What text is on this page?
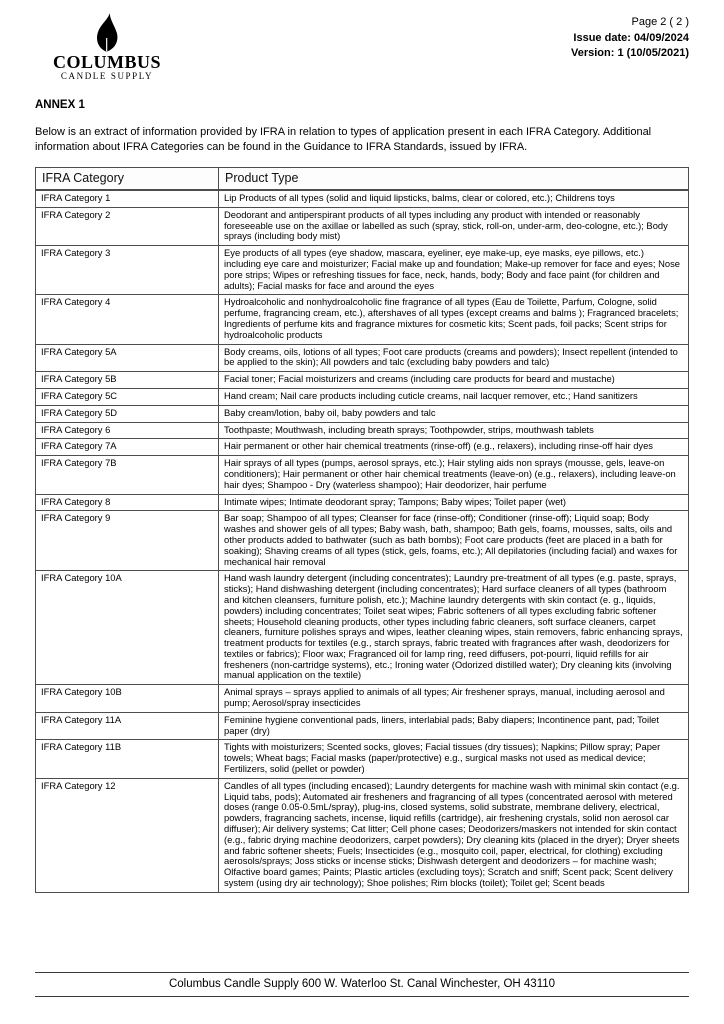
COLUMBUS
CANDLE SUPPLY
Page 2 ( 2 )
Issue date: 04/09/2024
Version: 1 (10/05/2021)
ANNEX 1

Below is an extract of information provided by IFRA in relation to types of application present in each IFRA Category. Additional information about IFRA Categories can be found in the Guidance to IFRA Standards, issued by IFRA.

IFRA Category	Product Type
IFRA Category 1	Lip Products of all types (solid and liquid lipsticks, balms, clear or colored, etc.); Childrens toys
IFRA Category 2	Deodorant and antiperspirant products of all types including any product with intended or reasonably foreseeable use on the axillae or labelled as such (spray, stick, roll-on, under-arm, deo-cologne, etc.); Body sprays (including body mist)
IFRA Category 3	Eye products of all types (eye shadow, mascara, eyeliner, eye make-up, eye masks, eye pillows, etc.) including eye care and moisturizer; Facial make up and foundation; Make-up remover for face and eyes; Nose pore strips; Wipes or refreshing tissues for face, neck, hands, body; Body and face paint (for children and adults); Facial masks for face and around the eyes
IFRA Category 4	Hydroalcoholic and nonhydroalcoholic fine fragrance of all types (Eau de Toilette, Parfum, Cologne, solid perfume, fragrancing cream, etc.), aftershaves of all types (except creams and balms ); Fragranced bracelets; Ingredients of perfume kits and fragrance mixtures for cosmetic kits; Scent pads, foil packs; Scent strips for hydroalcoholic products
IFRA Category 5A	Body creams, oils, lotions of all types; Foot care products (creams and powders); Insect repellent (intended to be applied to the skin); All powders and talc (excluding baby powders and talc)
IFRA Category 5B	Facial toner; Facial moisturizers and creams (including care products for beard and mustache)
IFRA Category 5C	Hand cream; Nail care products including cuticle creams, nail lacquer remover, etc.; Hand sanitizers
IFRA Category 5D	Baby cream/lotion, baby oil, baby powders and talc
IFRA Category 6	Toothpaste; Mouthwash, including breath sprays; Toothpowder, strips, mouthwash tablets
IFRA Category 7A	Hair permanent or other hair chemical treatments (rinse-off) (e.g., relaxers), including rinse-off hair dyes
IFRA Category 7B	Hair sprays of all types (pumps, aerosol sprays, etc.); Hair styling aids non sprays (mousse, gels, leave-on conditioners); Hair permanent or other hair chemical treatments (leave-on) (e.g., relaxers), including leave-on hair dyes; Shampoo - Dry (waterless shampoo); Hair deodorizer, hair perfume
IFRA Category 8	Intimate wipes; Intimate deodorant spray; Tampons; Baby wipes; Toilet paper (wet)
IFRA Category 9	Bar soap; Shampoo of all types; Cleanser for face (rinse-off); Conditioner (rinse-off); Liquid soap; Body washes and shower gels of all types; Baby wash, bath, shampoo; Bath gels, foams, mousses, salts, oils and other products added to bathwater (such as bath bombs); Foot care products (feet are placed in a bath for soaking); Shaving creams of all types (stick, gels, foams, etc.); All depilatories (including facial) and waxes for mechanical hair removal
IFRA Category 10A	Hand wash laundry detergent (including concentrates); Laundry pre-treatment of all types (e.g. paste, sprays, sticks); Hand dishwashing detergent (including concentrates); Hard surface cleaners of all types (bathroom and kitchen cleansers, furniture polish, etc.); Machine laundry detergents with skin contact (e. g., liquids, powders) including concentrates; Toilet seat wipes; Fabric softeners of all types excluding fabric softener sheets; Household cleaning products, other types including fabric cleaners, soft surface cleaners, carpet cleaners, furniture polishes sprays and wipes, leather cleaning wipes, stain removers, fabric enhancing sprays, treatment products for textiles (e.g., starch sprays, fabric treated with fragrances after wash, deodorizers for textiles or fabrics); Floor wax; Fragranced oil for lamp ring, reed diffusers, pot-pourri, liquid refills for air fresheners (non-cartridge systems), etc.; Ironing water (Odorized distilled water); Dry cleaning kits (involving manual application on the textile)
IFRA Category 10B	Animal sprays – sprays applied to animals of all types; Air freshener sprays, manual, including aerosol and pump; Aerosol/spray insecticides
IFRA Category 11A	Feminine hygiene conventional pads, liners, interlabial pads; Baby diapers; Incontinence pant, pad; Toilet paper (dry)
IFRA Category 11B	Tights with moisturizers; Scented socks, gloves; Facial tissues (dry tissues); Napkins; Pillow spray; Paper towels; Wheat bags; Facial masks (paper/protective) e.g., surgical masks not used as medical device; Fertilizers, solid (pellet or powder)
IFRA Category 12	Candles of all types (including encased); Laundry detergents for machine wash with minimal skin contact (e.g. Liquid tabs, pods); Automated air fresheners and fragrancing of all types (concentrated aerosol with metered doses (range 0.05-0.5mL/spray), plug-ins, closed systems, solid substrate, membrane delivery, electrical, powders, fragrancing sachets, incense, liquid refills (cartridge), air freshening crystals, solid non aerosol car diffuser); Air delivery systems; Cat litter; Cell phone cases; Deodorizers/maskers not intended for skin contact (e.g., fabric drying machine deodorizers, carpet powders); Dry cleaning kits (placed in the dryer); Dryer sheets and fabric softener sheets; Fuels; Insecticides (e.g., mosquito coil, paper, electrical, for clothing) excluding aerosols/sprays; Joss sticks or incense sticks; Dishwash detergent and deodorizers – for machine wash; Olfactive board games; Paints; Plastic articles (excluding toys); Scratch and sniff; Scent pack; Scent delivery system (using dry air technology); Shoe polishes; Rim blocks (toilet); Toilet gel; Scent beads
Columbus Candle Supply 600 W. Waterloo St. Canal Winchester, OH 43110
